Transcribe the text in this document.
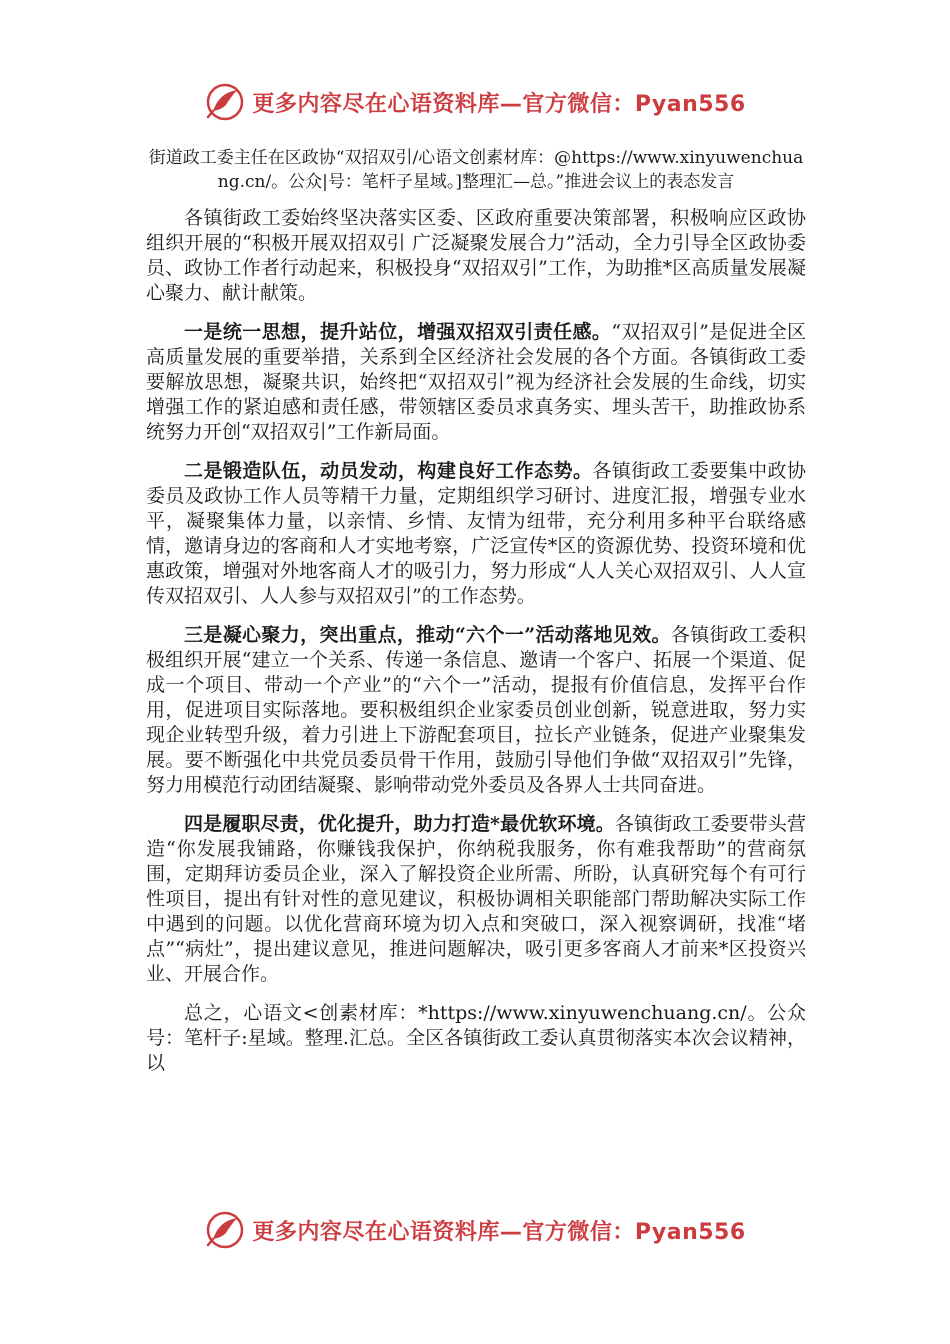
更多内容尽在心语资料库—官方微信：Pyan556

街道政工委主任在区政协“双招双引/心语文创素材库：@https://www.xinyuwenchuang.cn/。公众|号：笔杆子星域。]整理汇—总。”推进会议上的表态发言

各镇街政工委始终坚决落实区委、区政府重要决策部署，积极响应区政协组织开展的“积极开展双招双引 广泛凝聚发展合力”活动，全力引导全区政协委员、政协工作者行动起来，积极投身“双招双引”工作，为助推*区高质量发展凝心聚力、献计献策。

一是统一思想，提升站位，增强双招双引责任感。“双招双引”是促进全区高质量发展的重要举措，关系到全区经济社会发展的各个方面。各镇街政工委要解放思想，凝聚共识，始终把“双招双引”视为经济社会发展的生命线，切实增强工作的紧迫感和责任感，带领辖区委员求真务实、埋头苦干，助推政协系统努力开创“双招双引”工作新局面。

二是锻造队伍，动员发动，构建良好工作态势。各镇街政工委要集中政协委员及政协工作人员等精干力量，定期组织学习研讨、进度汇报，增强专业水平，凝聚集体力量，以亲情、乡情、友情为纽带，充分利用多种平台联络感情，邀请身边的客商和人才实地考察，广泛宣传*区的资源优势、投资环境和优惠政策，增强对外地客商人才的吸引力，努力形成“人人关心双招双引、人人宣传双招双引、人人参与双招双引”的工作态势。

三是凝心聚力，突出重点，推动“六个一”活动落地见效。各镇街政工委积极组织开展“建立一个关系、传递一条信息、邀请一个客户、拓展一个渠道、促成一个项目、带动一个产业”的“六个一”活动，提报有价值信息，发挥平台作用，促进项目实际落地。要积极组织企业家委员创业创新，锐意进取，努力实现企业转型升级，着力引进上下游配套项目，拉长产业链条，促进产业聚集发展。要不断强化中共党员委员骨干作用，鼓励引导他们争做“双招双引”先锋，努力用模范行动团结凝聚、影响带动党外委员及各界人士共同奋进。

四是履职尽责，优化提升，助力打造*最优软环境。各镇街政工委要带头营造“你发展我铺路，你赚钱我保护，你纳税我服务，你有难我帮助”的营商氛围，定期拜访委员企业，深入了解投资企业所需、所盼，认真研究每个有可行性项目，提出有针对性的意见建议，积极协调相关职能部门帮助解决实际工作中遇到的问题。以优化营商环境为切入点和突破口，深入视察调研，找准“堵点”“病灶”，提出建议意见，推进问题解决，吸引更多客商人才前来*区投资兴业、开展合作。

总之，心语文<创素材库：*https://www.xinyuwenchuang.cn/。公众号：笔杆子:星域。整理.汇总。全区各镇街政工委认真贯彻落实本次会议精神，以

更多内容尽在心语资料库—官方微信：Pyan556
